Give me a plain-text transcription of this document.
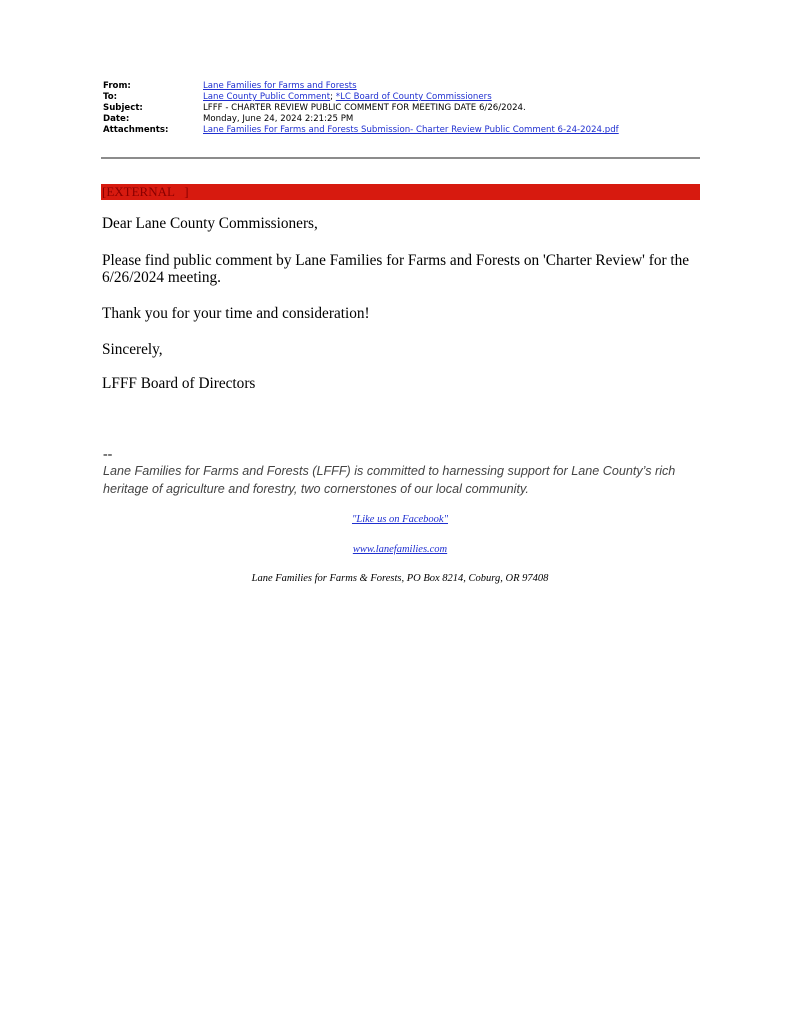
From:	Lane Families for Farms and Forests
To:	Lane County Public Comment; *LC Board of County Commissioners
Subject:	LFFF - CHARTER REVIEW PUBLIC COMMENT FOR MEETING DATE 6/26/2024.
Date:	Monday, June 24, 2024 2:21:25 PM
Attachments:	Lane Families For Farms and Forests Submission- Charter Review Public Comment 6-24-2024.pdf
[EXTERNAL   ]
Dear Lane County Commissioners,
Please find public comment by Lane Families for Farms and Forests on 'Charter Review' for the 6/26/2024 meeting.
Thank you for your time and consideration!
Sincerely,
LFFF Board of Directors
--
Lane Families for Farms and Forests (LFFF) is committed to harnessing support for Lane County’s rich heritage of agriculture and forestry, two cornerstones of our local community.
"Like us on Facebook"
www.lanefamilies.com
Lane Families for Farms & Forests, PO Box 8214, Coburg, OR 97408
